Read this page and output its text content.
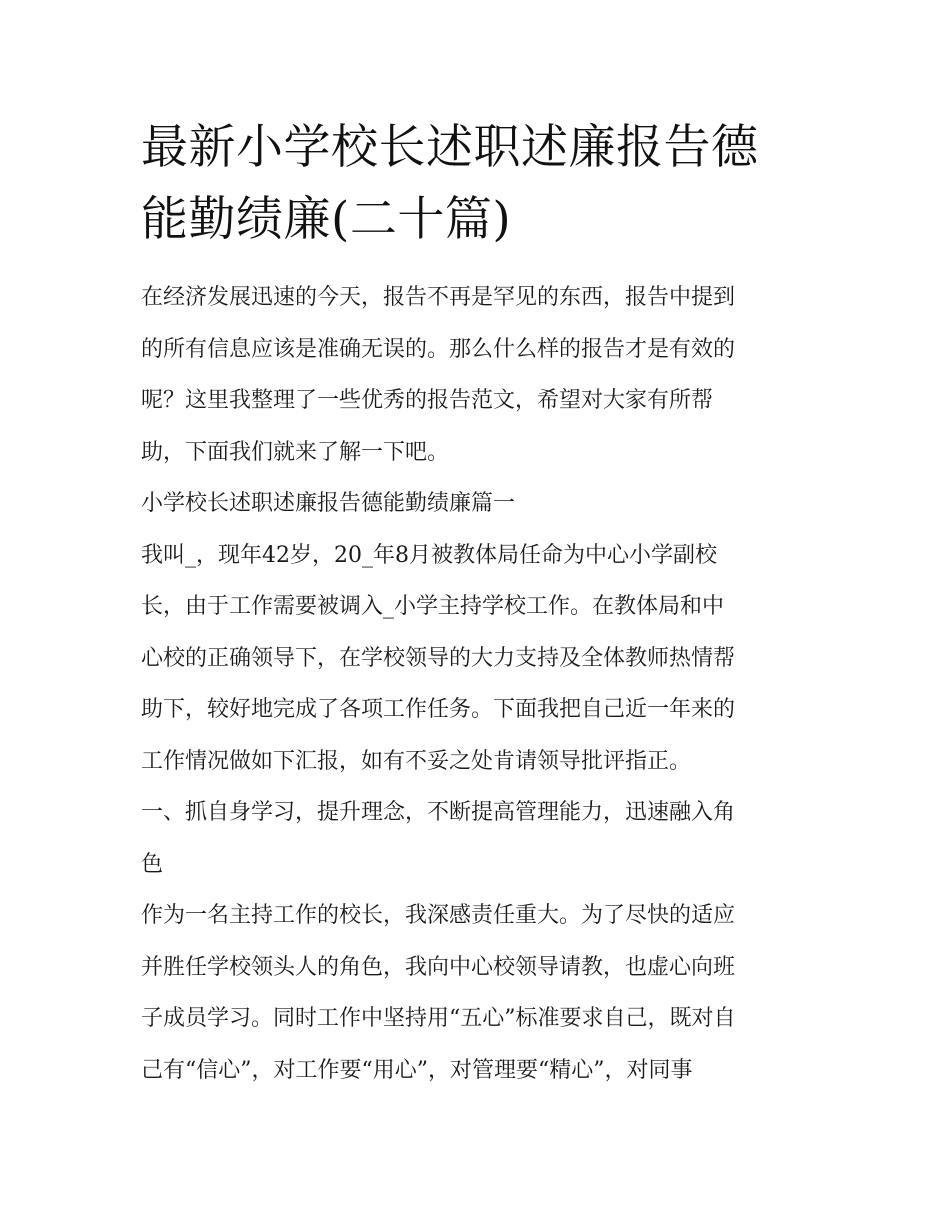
最新小学校长述职述廉报告德
能勤绩廉(二十篇)

在经济发展迅速的今天，报告不再是罕见的东西，报告中提到
的所有信息应该是准确无误的。那么什么样的报告才是有效的
呢？这里我整理了一些优秀的报告范文，希望对大家有所帮
助，下面我们就来了解一下吧。

小学校长述职述廉报告德能勤绩廉篇一

我叫_，现年42岁，20_年8月被教体局任命为中心小学副校
长，由于工作需要被调入_小学主持学校工作。在教体局和中
心校的正确领导下，在学校领导的大力支持及全体教师热情帮
助下，较好地完成了各项工作任务。下面我把自己近一年来的
工作情况做如下汇报，如有不妥之处肯请领导批评指正。

一、抓自身学习，提升理念，不断提高管理能力，迅速融入角
色

作为一名主持工作的校长，我深感责任重大。为了尽快的适应
并胜任学校领头人的角色，我向中心校领导请教，也虚心向班
子成员学习。同时工作中坚持用“五心”标准要求自己，既对自
己有“信心”，对工作要“用心”，对管理要“精心”，对同事
